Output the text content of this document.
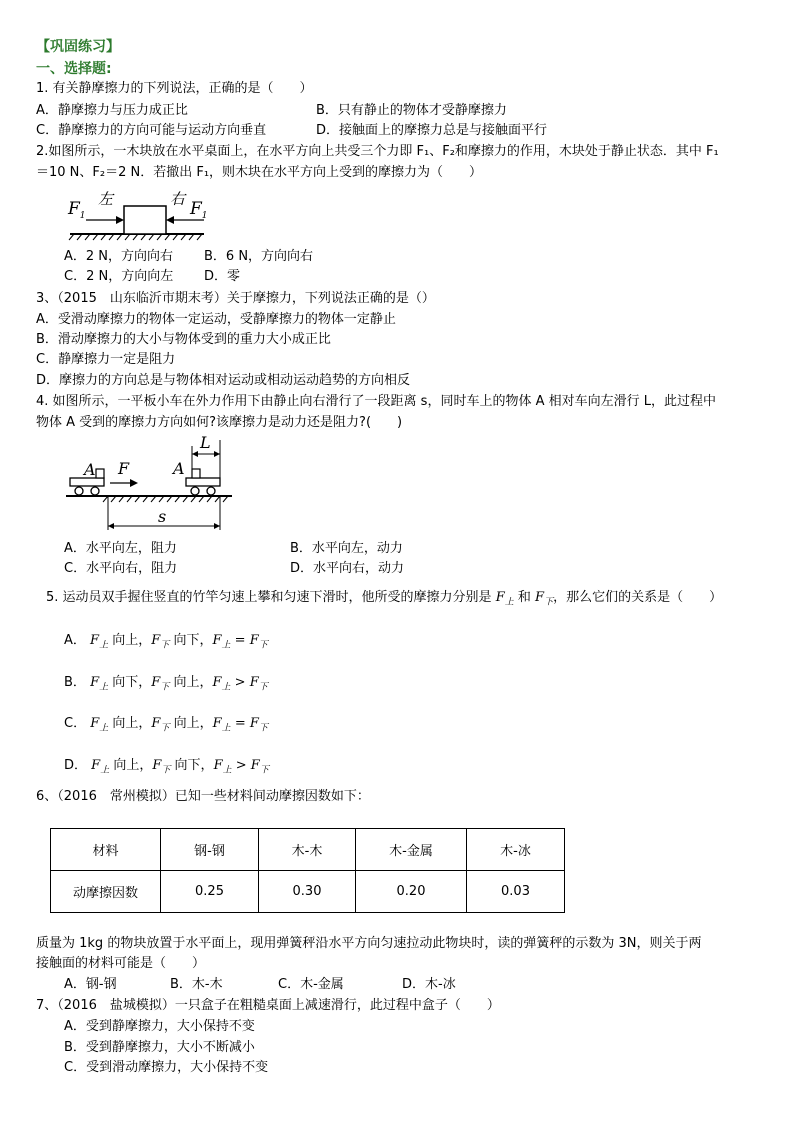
【巩固练习】
一、选择题:
1. 有关静摩擦力的下列说法，正确的是（　　）
A．静摩擦力与压力成正比	B．只有静止的物体才受静摩擦力
C．静摩擦力的方向可能与运动方向垂直	D．接触面上的摩擦力总是与接触面平行
2.如图所示，一木块放在水平桌面上，在水平方向上共受三个力即 F₁、F₂和摩擦力的作用，木块处于静止状态．其中 F₁
＝10 N、F₂＝2 N．若撤出 F₁，则木块在水平方向上受到的摩擦力为（　　）
$F_1$
左	右 $F_1$
A．2 N，方向向右 B．6 N，方向向右
C．2 N，方向向左 D．零
3、（2015　山东临沂市期末考）关于摩擦力，下列说法正确的是（）
A．受滑动摩擦力的物体一定运动，受静摩擦力的物体一定静止
B．滑动摩擦力的大小与物体受到的重力大小成正比
C．静摩擦力一定是阻力
D．摩擦力的方向总是与物体相对运动或相动运动趋势的方向相反
4. 如图所示，一平板小车在外力作用下由静止向右滑行了一段距离 s，同时车上的物体 A 相对车向左滑行 L，此过程中
物体 A 受到的摩擦力方向如何?该摩擦力是动力还是阻力?(　　)
A F	A
L
s
A．水平向左，阻力	B．水平向左，动力
C．水平向右，阻力	D．水平向右，动力
5. 运动员双手握住竖直的竹竿匀速上攀和匀速下滑时，他所受的摩擦力分别是 $F_上$ 和 $F_下$，那么它们的关系是（　　）
A． $F_上$ 向上，$F_下$ 向下，$F_上 = F_下$
B． $F_上$ 向下，$F_下$ 向上，$F_上 > F_下$
C． $F_上$ 向上，$F_下$ 向上，$F_上 = F_下$
D． $F_上$ 向上，$F_下$ 向下，$F_上 > F_下$
6、（2016　常州模拟）已知一些材料间动摩擦因数如下：
材料	钢-钢	木-木	木-金属	木-冰
动摩擦因数	0.25	0.30	0.20	0.03
质量为 1kg 的物块放置于水平面上，现用弹簧秤沿水平方向匀速拉动此物块时，读的弹簧秤的示数为 3N，则关于两
接触面的材料可能是（　　）
A．钢-钢	B．木-木	C．木-金属	D．木-冰
7、（2016　盐城模拟）一只盒子在粗糙桌面上减速滑行，此过程中盒子（　　）
A．受到静摩擦力，大小保持不变
B．受到静摩擦力，大小不断减小
C．受到滑动摩擦力，大小保持不变
